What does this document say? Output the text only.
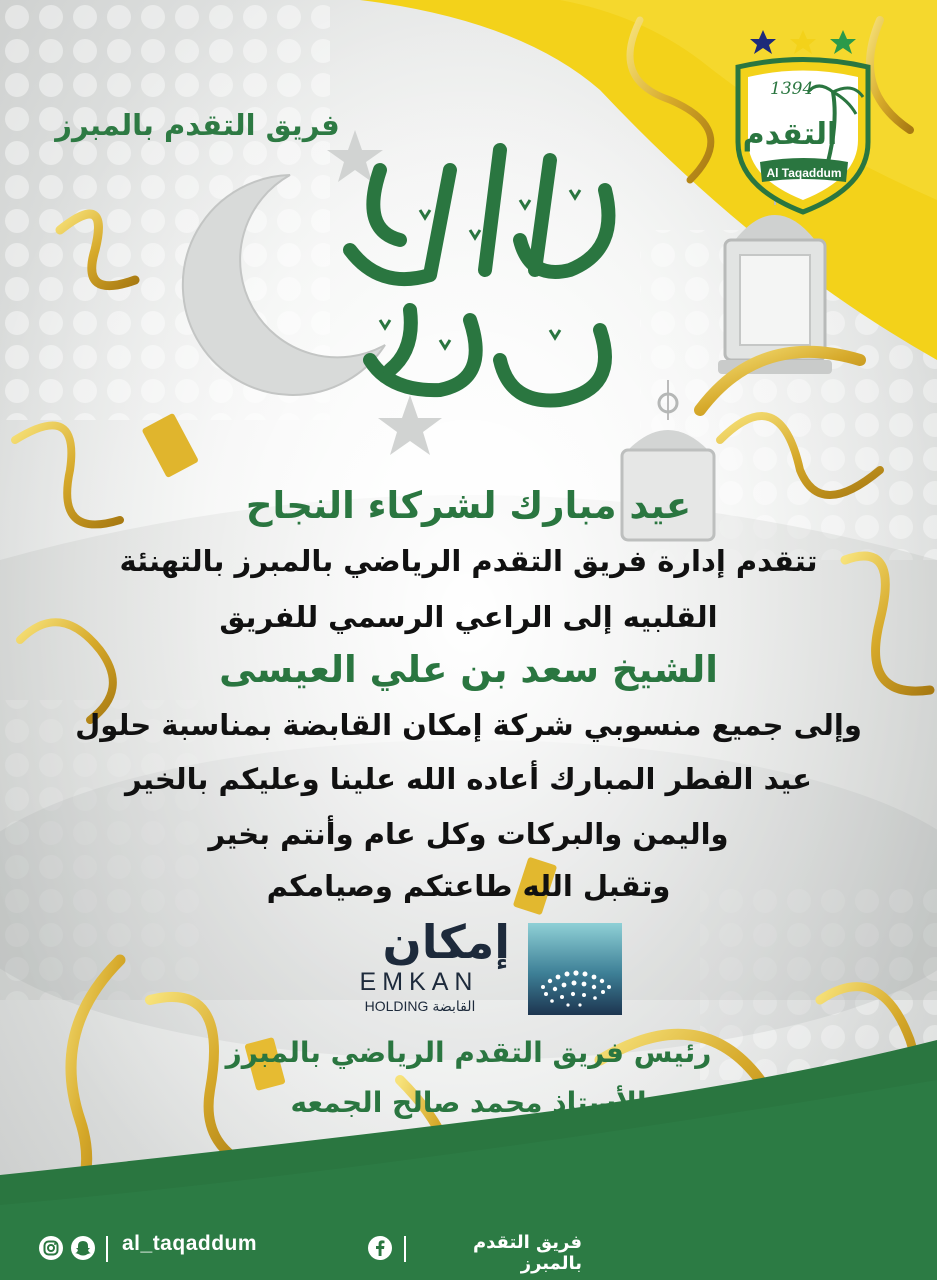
فريق التقدم بالمبرز
1394
التقدم
Al Taqaddum
عيدك مبارك
عيد مبارك لشركاء النجاح
تتقدم إدارة فريق التقدم الرياضي بالمبرز بالتهنئة
القلبيه إلى الراعي الرسمي للفريق
الشيخ سعد بن علي العيسى
وإلى جميع منسوبي شركة إمكان القابضة بمناسبة حلول
عيد الفطر المبارك أعاده الله علينا وعليكم بالخير
واليمن والبركات وكل عام وأنتم بخير
وتقبل الله طاعتكم وصيامكم
إمكان
EMKAN
HOLDING القابضة
رئيس فريق التقدم الرياضي بالمبرز
الأستاذ محمد صالح الجمعه
al_taqaddum	فريق التقدم بالمبرز
